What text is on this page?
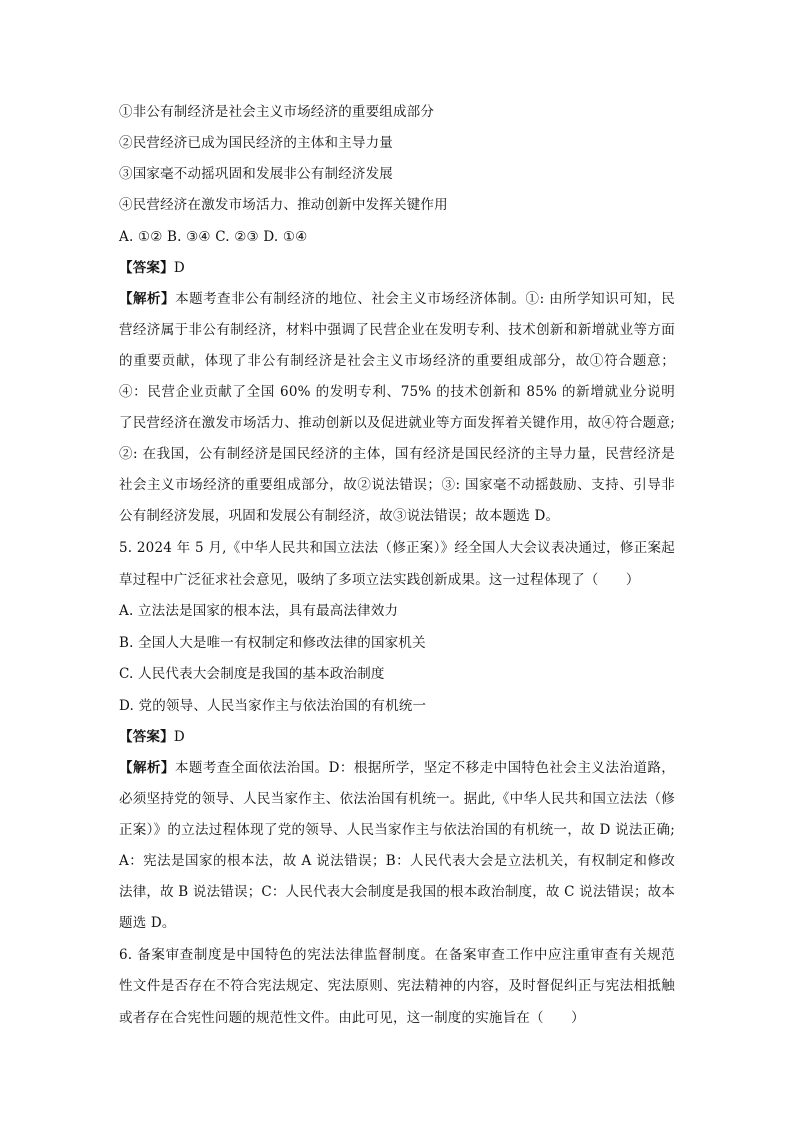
①非公有制经济是社会主义市场经济的重要组成部分
②民营经济已成为国民经济的主体和主导力量
③国家毫不动摇巩固和发展非公有制经济发展
④民营经济在激发市场活力、推动创新中发挥关键作用
A. ①② B. ③④ C. ②③ D. ①④
【答案】D
【解析】本题考查非公有制经济的地位、社会主义市场经济体制。①: 由所学知识可知，民
营经济属于非公有制经济，材料中强调了民营企业在发明专利、技术创新和新增就业等方面
的重要贡献，体现了非公有制经济是社会主义市场经济的重要组成部分，故①符合题意；
④：民营企业贡献了全国 60% 的发明专利、75% 的技术创新和 85% 的新增就业分说明
了民营经济在激发市场活力、推动创新以及促进就业等方面发挥着关键作用，故④符合题意;
②: 在我国，公有制经济是国民经济的主体，国有经济是国民经济的主导力量，民营经济是
社会主义市场经济的重要组成部分，故②说法错误；③: 国家毫不动摇鼓励、支持、引导非
公有制经济发展，巩固和发展公有制经济，故③说法错误；故本题选 D。
5. 2024 年 5 月,《中华人民共和国立法法（修正案）》经全国人大会议表决通过，修正案起
草过程中广泛征求社会意见，吸纳了多项立法实践创新成果。这一过程体现了（　　）
A. 立法法是国家的根本法，具有最高法律效力
B. 全国人大是唯一有权制定和修改法律的国家机关
C. 人民代表大会制度是我国的基本政治制度
D. 党的领导、人民当家作主与依法治国的有机统一
【答案】D
【解析】本题考查全面依法治国。D：根据所学，坚定不移走中国特色社会主义法治道路，
必须坚持党的领导、人民当家作主、依法治国有机统一。据此,《中华人民共和国立法法（修
正案）》的立法过程体现了党的领导、人民当家作主与依法治国的有机统一，故 D 说法正确;
A：宪法是国家的根本法，故 A 说法错误；B：人民代表大会是立法机关，有权制定和修改
法律，故 B 说法错误；C：人民代表大会制度是我国的根本政治制度，故 C 说法错误；故本
题选 D。
6. 备案审查制度是中国特色的宪法法律监督制度。在备案审查工作中应注重审查有关规范
性文件是否存在不符合宪法规定、宪法原则、宪法精神的内容，及时督促纠正与宪法相抵触
或者存在合宪性问题的规范性文件。由此可见，这一制度的实施旨在（　　）
